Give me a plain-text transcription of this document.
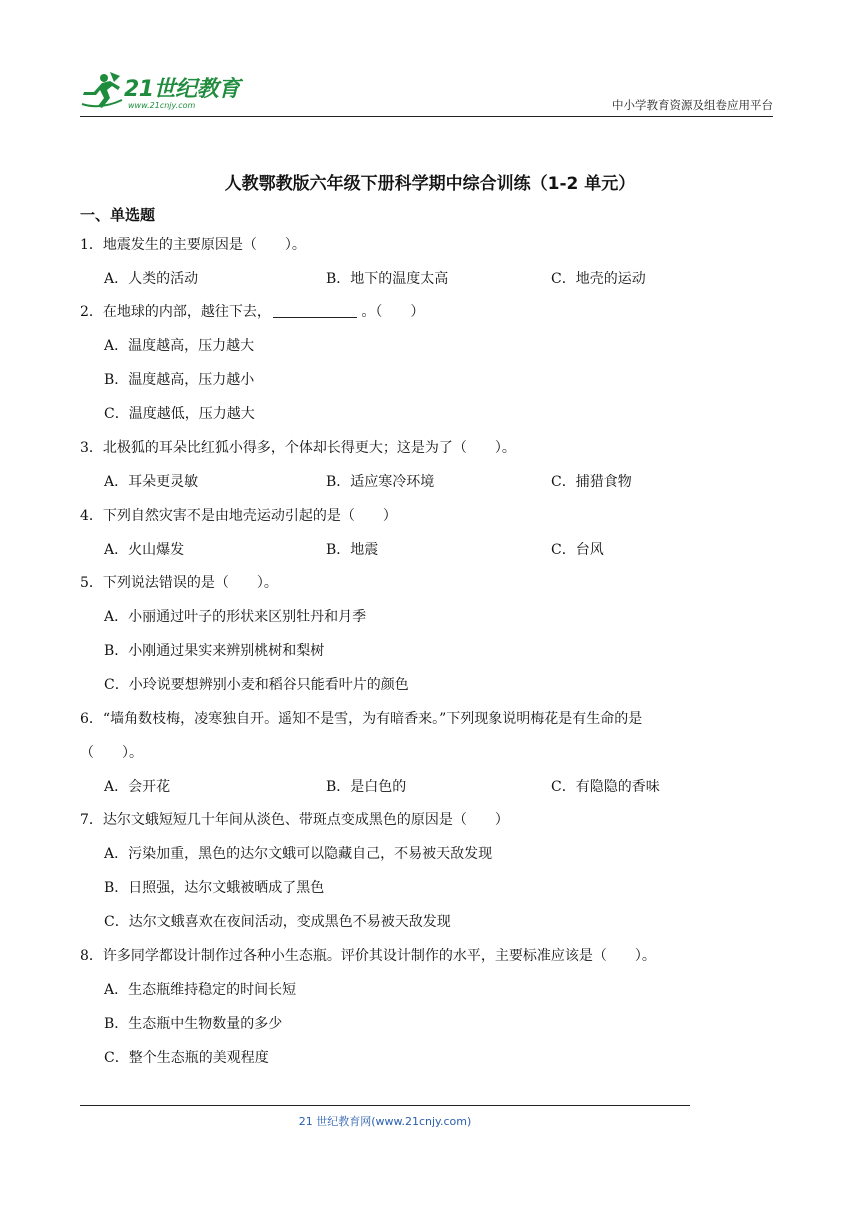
21世纪教育
www.21cnjy.com	中小学教育资源及组卷应用平台
人教鄂教版六年级下册科学期中综合训练（1-2 单元）
一、单选题
1．地震发生的主要原因是（　　）。
A．人类的活动	B．地下的温度太高	C．地壳的运动
2．在地球的内部，越往下去，	。（　　）
A．温度越高，压力越大
B．温度越高，压力越小
C．温度越低，压力越大
3．北极狐的耳朵比红狐小得多，个体却长得更大；这是为了（　　）。
A．耳朵更灵敏	B．适应寒冷环境	C．捕猎食物
4．下列自然灾害不是由地壳运动引起的是（　　）
A．火山爆发	B．地震	C．台风
5．下列说法错误的是（　　）。
A．小丽通过叶子的形状来区别牡丹和月季
B．小刚通过果实来辨别桃树和梨树
C．小玲说要想辨别小麦和稻谷只能看叶片的颜色
6．“墙角数枝梅，凌寒独自开。遥知不是雪，为有暗香来。”下列现象说明梅花是有生命的是
（　　）。
A．会开花	B．是白色的	C．有隐隐的香味
7．达尔文蛾短短几十年间从淡色、带斑点变成黑色的原因是（　　）
A．污染加重，黑色的达尔文蛾可以隐藏自己，不易被天敌发现
B．日照强，达尔文蛾被晒成了黑色
C．达尔文蛾喜欢在夜间活动，变成黑色不易被天敌发现
8．许多同学都设计制作过各种小生态瓶。评价其设计制作的水平，主要标准应该是（　　）。
A．生态瓶维持稳定的时间长短
B．生态瓶中生物数量的多少
C．整个生态瓶的美观程度
21 世纪教育网(www.21cnjy.com)
